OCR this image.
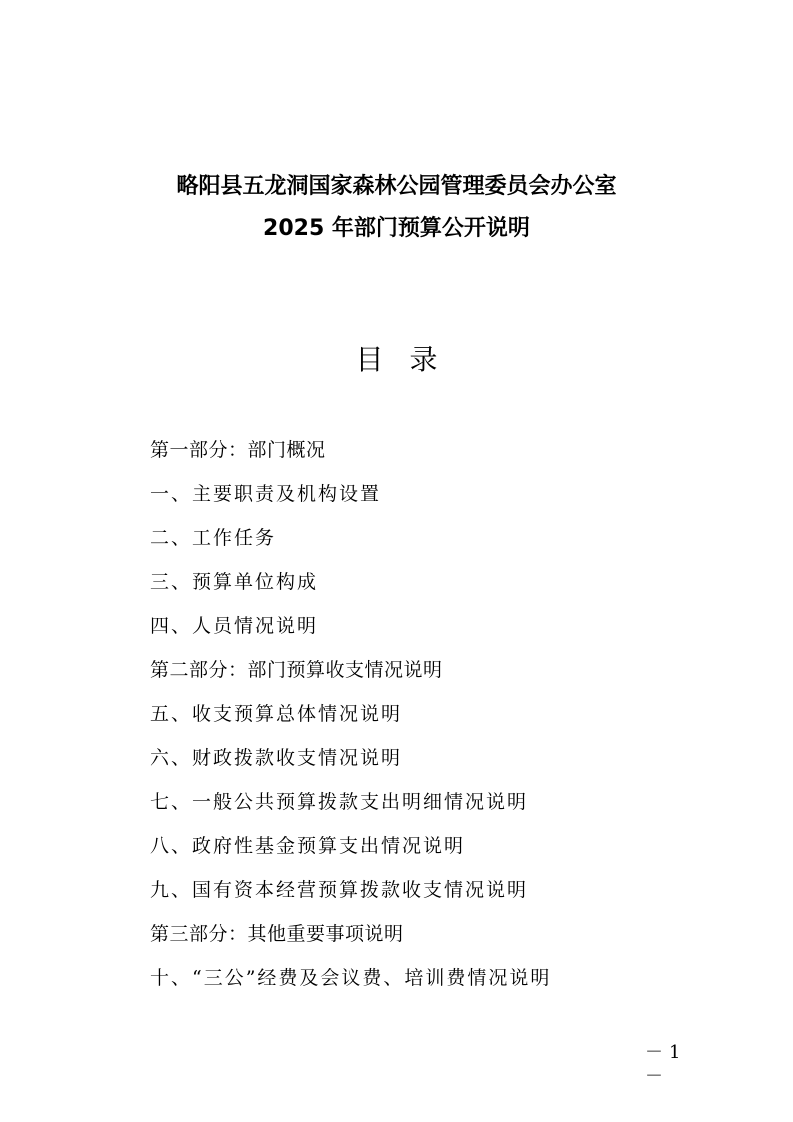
略阳县五龙洞国家森林公园管理委员会办公室
2025 年部门预算公开说明
目录
第一部分：部门概况
一、主要职责及机构设置
二、工作任务
三、预算单位构成
四、人员情况说明
第二部分：部门预算收支情况说明
五、收支预算总体情况说明
六、财政拨款收支情况说明
七、一般公共预算拨款支出明细情况说明
八、政府性基金预算支出情况说明
九、国有资本经营预算拨款收支情况说明
第三部分：其他重要事项说明
十、“三公”经费及会议费、培训费情况说明
－1－
